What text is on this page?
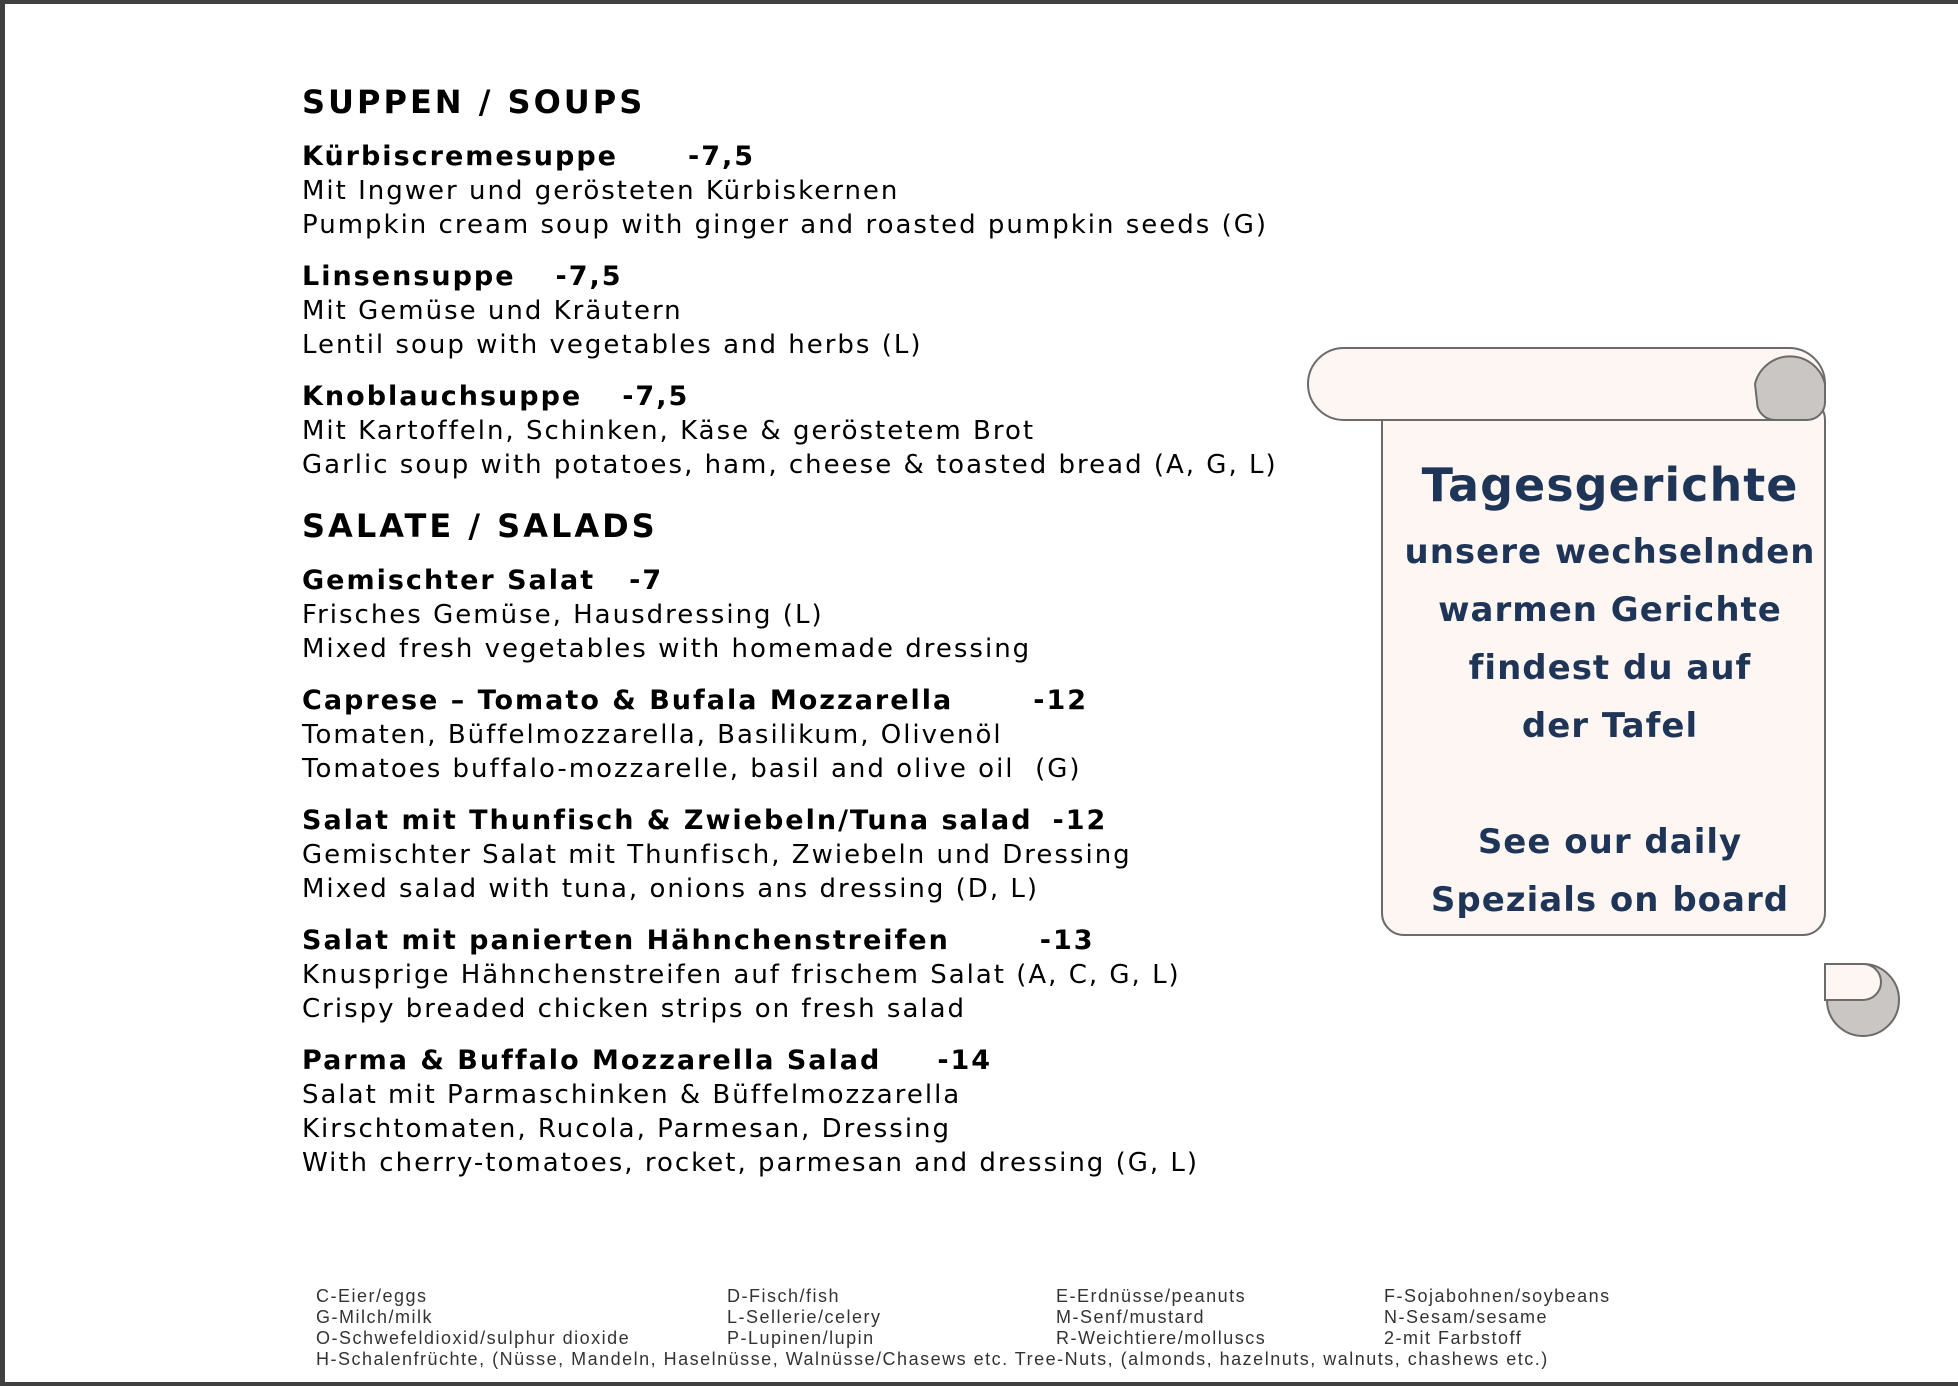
SUPPEN / SOUPS
Kürbiscremesuppe	-7,5
Mit Ingwer und gerösteten Kürbiskernen
Pumpkin cream soup with ginger and roasted pumpkin seeds (G)
Linsensuppe -7,5
Mit Gemüse und Kräutern
Lentil soup with vegetables and herbs (L)
Knoblauchsuppe -7,5
Mit Kartoffeln, Schinken, Käse & geröstetem Brot
Garlic soup with potatoes, ham, cheese & toasted bread (A, G, L)
SALATE / SALADS
Gemischter Salat -7
Frisches Gemüse, Hausdressing (L)
Mixed fresh vegetables with homemade dressing
Caprese – Tomato & Bufala Mozzarella	-12
Tomaten, Büffelmozzarella, Basilikum, Olivenöl
Tomatoes buffalo-mozzarelle, basil and olive oil  (G)
Salat mit Thunfisch & Zwiebeln/Tuna salad -12
Gemischter Salat mit Thunfisch, Zwiebeln und Dressing
Mixed salad with tuna, onions ans dressing (D, L)
Salat mit panierten Hähnchenstreifen	-13
Knusprige Hähnchenstreifen auf frischem Salat (A, C, G, L)
Crispy breaded chicken strips on fresh salad
Parma & Buffalo Mozzarella Salad -14
Salat mit Parmaschinken & Büffelmozzarella
Kirschtomaten, Rucola, Parmesan, Dressing
With cherry-tomatoes, rocket, parmesan and dressing (G, L)
Tagesgerichte
unsere wechselnden
warmen Gerichte
findest du auf
der Tafel
See our daily
Spezials on board
C-Eier/eggs	D-Fisch/fish	E-Erdnüsse/peanuts	F-Sojabohnen/soybeans
G-Milch/milk	L-Sellerie/celery	M-Senf/mustard	N-Sesam/sesame
O-Schwefeldioxid/sulphur dioxide	P-Lupinen/lupin	R-Weichtiere/molluscs	2-mit Farbstoff
H-Schalenfrüchte, (Nüsse, Mandeln, Haselnüsse, Walnüsse/Chasews etc. Tree-Nuts, (almonds, hazelnuts, walnuts, chashews etc.)
